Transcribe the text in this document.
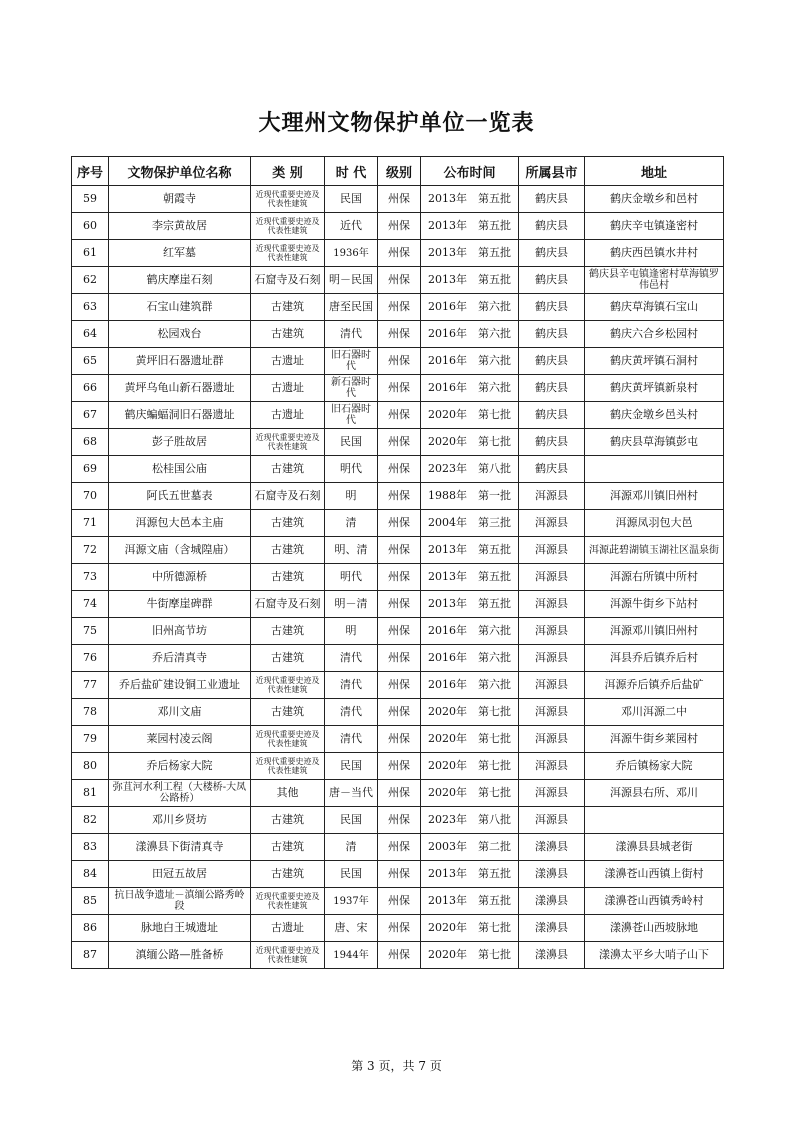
大理州文物保护单位一览表
序号	文物保护单位名称	类 别	时 代	级别	公布时间	所属县市	地址
59	朝霞寺	近现代重要史迹及代表性建筑	民国	州保	2013年　第五批	鹤庆县	鹤庆金墩乡和邑村
60	李宗黄故居	近现代重要史迹及代表性建筑	近代	州保	2013年　第五批	鹤庆县	鹤庆辛屯镇逢密村
61	红军墓	近现代重要史迹及代表性建筑	1936年	州保	2013年　第五批	鹤庆县	鹤庆西邑镇水井村
62	鹤庆摩崖石刻	石窟寺及石刻	明－民国	州保	2013年　第五批	鹤庆县	鹤庆县辛屯镇逢密村草海镇罗伟邑村
63	石宝山建筑群	古建筑	唐至民国	州保	2016年　第六批	鹤庆县	鹤庆草海镇石宝山
64	松园戏台	古建筑	清代	州保	2016年　第六批	鹤庆县	鹤庆六合乡松园村
65	黄坪旧石器遗址群	古遗址	旧石器时代	州保	2016年　第六批	鹤庆县	鹤庆黄坪镇石洞村
66	黄坪乌龟山新石器遗址	古遗址	新石器时代	州保	2016年　第六批	鹤庆县	鹤庆黄坪镇新泉村
67	鹤庆蝙蝠洞旧石器遗址	古遗址	旧石器时代	州保	2020年　第七批	鹤庆县	鹤庆金墩乡邑头村
68	彭子胜故居	近现代重要史迹及代表性建筑	民国	州保	2020年　第七批	鹤庆县	鹤庆县草海镇彭屯
69	松桂国公庙	古建筑	明代	州保	2023年　第八批	鹤庆县	
70	阿氏五世墓表	石窟寺及石刻	明	州保	1988年　第一批	洱源县	洱源邓川镇旧州村
71	洱源包大邑本主庙	古建筑	清	州保	2004年　第三批	洱源县	洱源凤羽包大邑
72	洱源文庙（含城隍庙）	古建筑	明、清	州保	2013年　第五批	洱源县	洱源茈碧湖镇玉湖社区温泉街
73	中所德源桥	古建筑	明代	州保	2013年　第五批	洱源县	洱源右所镇中所村
74	牛街摩崖碑群	石窟寺及石刻	明－清	州保	2013年　第五批	洱源县	洱源牛街乡下站村
75	旧州高节坊	古建筑	明	州保	2016年　第六批	洱源县	洱源邓川镇旧州村
76	乔后清真寺	古建筑	清代	州保	2016年　第六批	洱源县	洱县乔后镇乔后村
77	乔后盐矿建设铜工业遗址	近现代重要史迹及代表性建筑	清代	州保	2016年　第六批	洱源县	洱源乔后镇乔后盐矿
78	邓川文庙	古建筑	清代	州保	2020年　第七批	洱源县	邓川洱源二中
79	莱园村凌云阁	近现代重要史迹及代表性建筑	清代	州保	2020年　第七批	洱源县	洱源牛街乡莱园村
80	乔后杨家大院	近现代重要史迹及代表性建筑	民国	州保	2020年　第七批	洱源县	乔后镇杨家大院
81	弥苴河水利工程（大楼桥-大凤公路桥）	其他	唐－当代	州保	2020年　第七批	洱源县	洱源县右所、邓川
82	邓川乡贤坊	古建筑	民国	州保	2023年　第八批	洱源县	
83	漾濞县下街清真寺	古建筑	清	州保	2003年　第二批	漾濞县	漾濞县县城老街
84	田冠五故居	古建筑	民国	州保	2013年　第五批	漾濞县	漾濞苍山西镇上街村
85	抗日战争遗址－滇缅公路秀岭段	近现代重要史迹及代表性建筑	1937年	州保	2013年　第五批	漾濞县	漾濞苍山西镇秀岭村
86	脉地白王城遗址	古遗址	唐、宋	州保	2020年　第七批	漾濞县	漾濞苍山西坡脉地
87	滇缅公路—胜备桥	近现代重要史迹及代表性建筑	1944年	州保	2020年　第七批	漾濞县	漾濞太平乡大哨子山下
第 3 页，共 7 页
